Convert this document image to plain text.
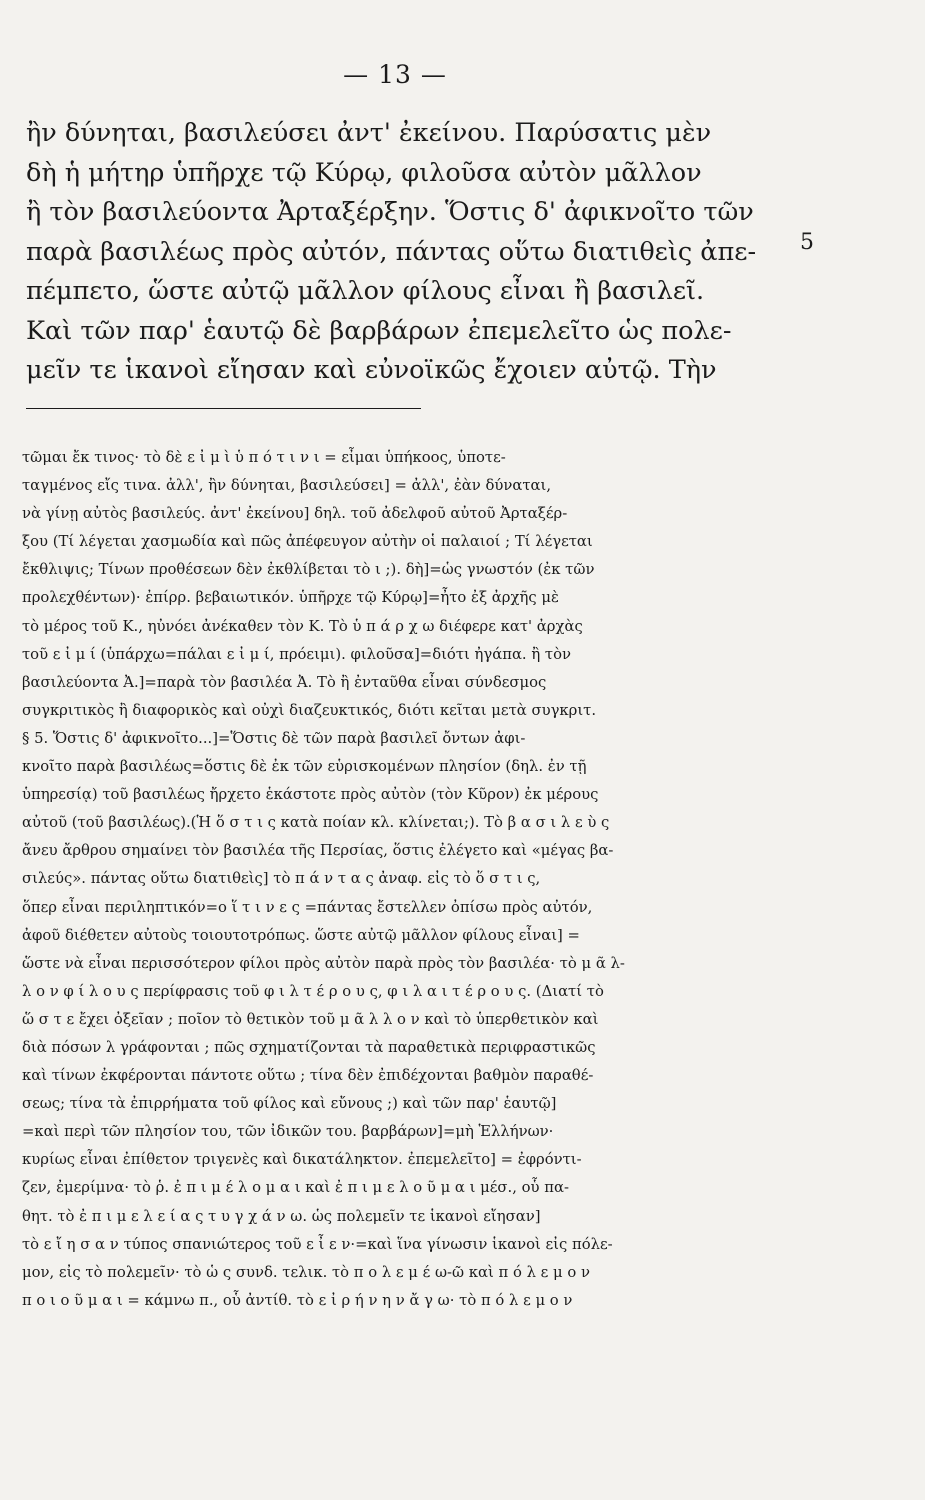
— 13 —
ἢν δύνηται, βασιλεύσει ἀντ' ἐκείνου. Παρύσατις μὲν
δὴ ἡ μήτηρ ὑπῆρχε τῷ Κύρῳ, φιλοῦσα αὐτὸν μᾶλλον
ἢ τὸν βασιλεύοντα Ἀρταξέρξην. Ὅστις δ' ἀφικνοῖτο τῶν
παρὰ βασιλέως πρὸς αὐτόν, πάντας οὕτω διατιθεὶς ἀπε-
πέμπετο, ὥστε αὐτῷ μᾶλλον φίλους εἶναι ἢ βασιλεῖ.
Καὶ τῶν παρ' ἑαυτῷ δὲ βαρβάρων ἐπεμελεῖτο ὡς πολε-
μεῖν τε ἱκανοὶ εἴησαν καὶ εὐνοϊκῶς ἔχοιεν αὐτῷ. Τὴν
5
τῶμαι ἔκ τινος· τὸ δὲ ε ἰ μ ὶ ὑ π ό τ ι ν ι = εἶμαι ὑπήκοος, ὑποτε-
ταγμένος εἴς τινα. ἀλλ', ἢν δύνηται, βασιλεύσει] = ἀλλ', ἐὰν δύναται,
νὰ γίνῃ αὐτὸς βασιλεύς. ἀντ' ἐκείνου] δηλ. τοῦ ἀδελφοῦ αὐτοῦ Ἀρταξέρ-
ξου (Τί λέγεται χασμωδία καὶ πῶς ἀπέφευγον αὐτὴν οἱ παλαιοί ; Τί λέγεται
ἔκθλιψις; Τίνων προθέσεων δὲν ἐκθλίβεται τὸ ι ;). δὴ]=ὡς γνωστόν (ἐκ τῶν
προλεχθέντων)· ἐπίρρ. βεβαιωτικόν. ὑπῆρχε τῷ Κύρῳ]=ἦτο ἐξ ἀρχῆς μὲ
τὸ μέρος τοῦ Κ., ηὐνόει ἀνέκαθεν τὸν Κ. Τὸ ὑ π ά ρ χ ω διέφερε κατ' ἀρχὰς
τοῦ ε ἰ μ ί (ὑπάρχω=πάλαι ε ἰ μ ί, πρόειμι). φιλοῦσα]=διότι ἠγάπα. ἢ τὸν
βασιλεύοντα Ἀ.]=παρὰ τὸν βασιλέα Ἀ. Τὸ ἢ ἐνταῦθα εἶναι σύνδεσμος
συγκριτικὸς ἢ διαφορικὸς καὶ οὐχὶ διαζευκτικός, διότι κεῖται μετὰ συγκριτ.
§ 5. Ὅστις δ' ἀφικνοῖτο...]=Ὅστις δὲ τῶν παρὰ βασιλεῖ ὄντων ἀφι-
κνοῖτο παρὰ βασιλέως=ὅστις δὲ ἐκ τῶν εὑρισκομένων πλησίον (δηλ. ἐν τῇ
ὑπηρεσίᾳ) τοῦ βασιλέως ἤρχετο ἑκάστοτε πρὸς αὐτὸν (τὸν Κῦρον) ἐκ μέρους
αὐτοῦ (τοῦ βασιλέως).(Ἡ ὅ σ τ ι ς κατὰ ποίαν κλ. κλίνεται;). Τὸ β α σ ι λ ε ὺ ς
ἄνευ ἄρθρου σημαίνει τὸν βασιλέα τῆς Περσίας, ὅστις ἐλέγετο καὶ «μέγας βα-
σιλεύς». πάντας οὕτω διατιθεὶς] τὸ π ά ν τ α ς ἀναφ. εἰς τὸ ὅ σ τ ι ς,
ὅπερ εἶναι περιληπτικόν=ο ἵ τ ι ν ε ς =πάντας ἔστελλεν ὀπίσω πρὸς αὐτόν,
ἀφοῦ διέθετεν αὐτοὺς τοιουτοτρόπως. ὥστε αὐτῷ μᾶλλον φίλους εἶναι] =
ὥστε νὰ εἶναι περισσότερον φίλοι πρὸς αὐτὸν παρὰ πρὸς τὸν βασιλέα· τὸ μ ᾶ λ-
λ ο ν φ ί λ ο υ ς περίφρασις τοῦ φ ι λ τ έ ρ ο υ ς, φ ι λ α ι τ έ ρ ο υ ς. (Διατί τὸ
ὥ σ τ ε ἔχει ὀξεῖαν ; ποῖον τὸ θετικὸν τοῦ μ ᾶ λ λ ο ν καὶ τὸ ὑπερθετικὸν καὶ
διὰ πόσων λ γράφονται ; πῶς σχηματίζονται τὰ παραθετικὰ περιφραστικῶς
καὶ τίνων ἐκφέρονται πάντοτε οὕτω ; τίνα δὲν ἐπιδέχονται βαθμὸν παραθέ-
σεως; τίνα τὰ ἐπιρρήματα τοῦ φίλος καὶ εὔνους ;) καὶ τῶν παρ' ἑαυτῷ]
=καὶ περὶ τῶν πλησίον του, τῶν ἰδικῶν του. βαρβάρων]=μὴ Ἑλλήνων·
κυρίως εἶναι ἐπίθετον τριγενὲς καὶ δικατάληκτον. ἐπεμελεῖτο] = ἐφρόντι-
ζεν, ἐμερίμνα· τὸ ῥ. ἐ π ι μ έ λ ο μ α ι καὶ ἐ π ι μ ε λ ο ῦ μ α ι μέσ., οὗ πα-
θητ. τὸ ἐ π ι μ ε λ ε ί α ς τ υ γ χ ά ν ω. ὡς πολεμεῖν τε ἱκανοὶ εἴησαν]
τὸ ε ἴ η σ α ν τύπος σπανιώτερος τοῦ ε ἶ ε ν·=καὶ ἵνα γίνωσιν ἱκανοὶ εἰς πόλε-
μον, εἰς τὸ πολεμεῖν· τὸ ὡ ς συνδ. τελικ. τὸ π ο λ ε μ έ ω-ῶ καὶ π ό λ ε μ ο ν
π ο ι ο ῦ μ α ι = κάμνω π., οὗ ἀντίθ. τὸ ε ἰ ρ ή ν η ν ἄ γ ω· τὸ π ό λ ε μ ο ν
